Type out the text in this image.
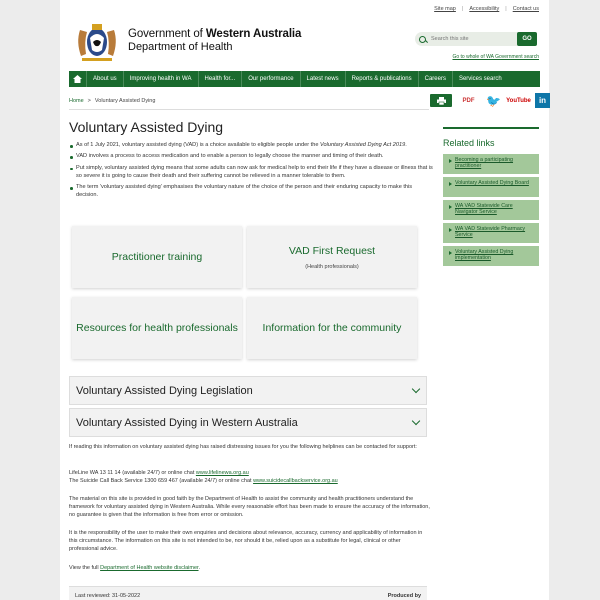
Site map | Accessibility | Contact us
Government of Western Australia
Department of Health
Search this site
GO
Go to whole of WA Government search
About us	Improving health in WA	Health for...	Our performance	Latest news	Reports & publications	Careers	Services search
Home > Voluntary Assisted Dying	PDF 🐦 YouTube	in
Voluntary Assisted Dying
As of 1 July 2021, voluntary assisted dying (VAD) is a choice available to eligible people under the Voluntary Assisted Dying Act 2019.
VAD involves a process to access medication and to enable a person to legally choose the manner and timing of their death.
Put simply, voluntary assisted dying means that some adults can now ask for medical help to end their life if they have a disease or illness that is so severe it is going to cause their death and their suffering cannot be relieved in a manner tolerable to them.
The term 'voluntary assisted dying' emphasises the voluntary nature of the choice of the person and their enduring capacity to make this decision.
Practitioner training
VAD First Request
(Health professionals)
Resources for health professionals Information for the community
Voluntary Assisted Dying Legislation
Voluntary Assisted Dying in Western Australia
If reading this information on voluntary assisted dying has raised distressing issues for you the following helplines can be contacted for support:
LifeLine WA 13 11 14 (available 24/7) or online chat www.lifelinewa.org.au
The Suicide Call Back Service 1300 659 467 (available 24/7) or online chat www.suicidecallbackservice.org.au
The material on this site is provided in good faith by the Department of Health to assist the community and health practitioners understand the framework for voluntary assisted dying in Western Australia. While every reasonable effort has been made to ensure the accuracy of the information, no guarantee is given that the information is free from error or omission.
It is the responsibility of the user to make their own enquiries and decisions about relevance, accuracy, currency and applicability of information in this circumstance. The information on this site is not intended to be, nor should it be, relied upon as a substitute for legal, clinical or other professional advice.
View the full Department of Health website disclaimer.
Last reviewed: 31-05-2022	Produced by
Related links
Becoming a participating practitioner
Voluntary Assisted Dying Board
WA VAD Statewide Care Navigator Service
WA VAD Statewide Pharmacy Service
Voluntary Assisted Dying implementation
